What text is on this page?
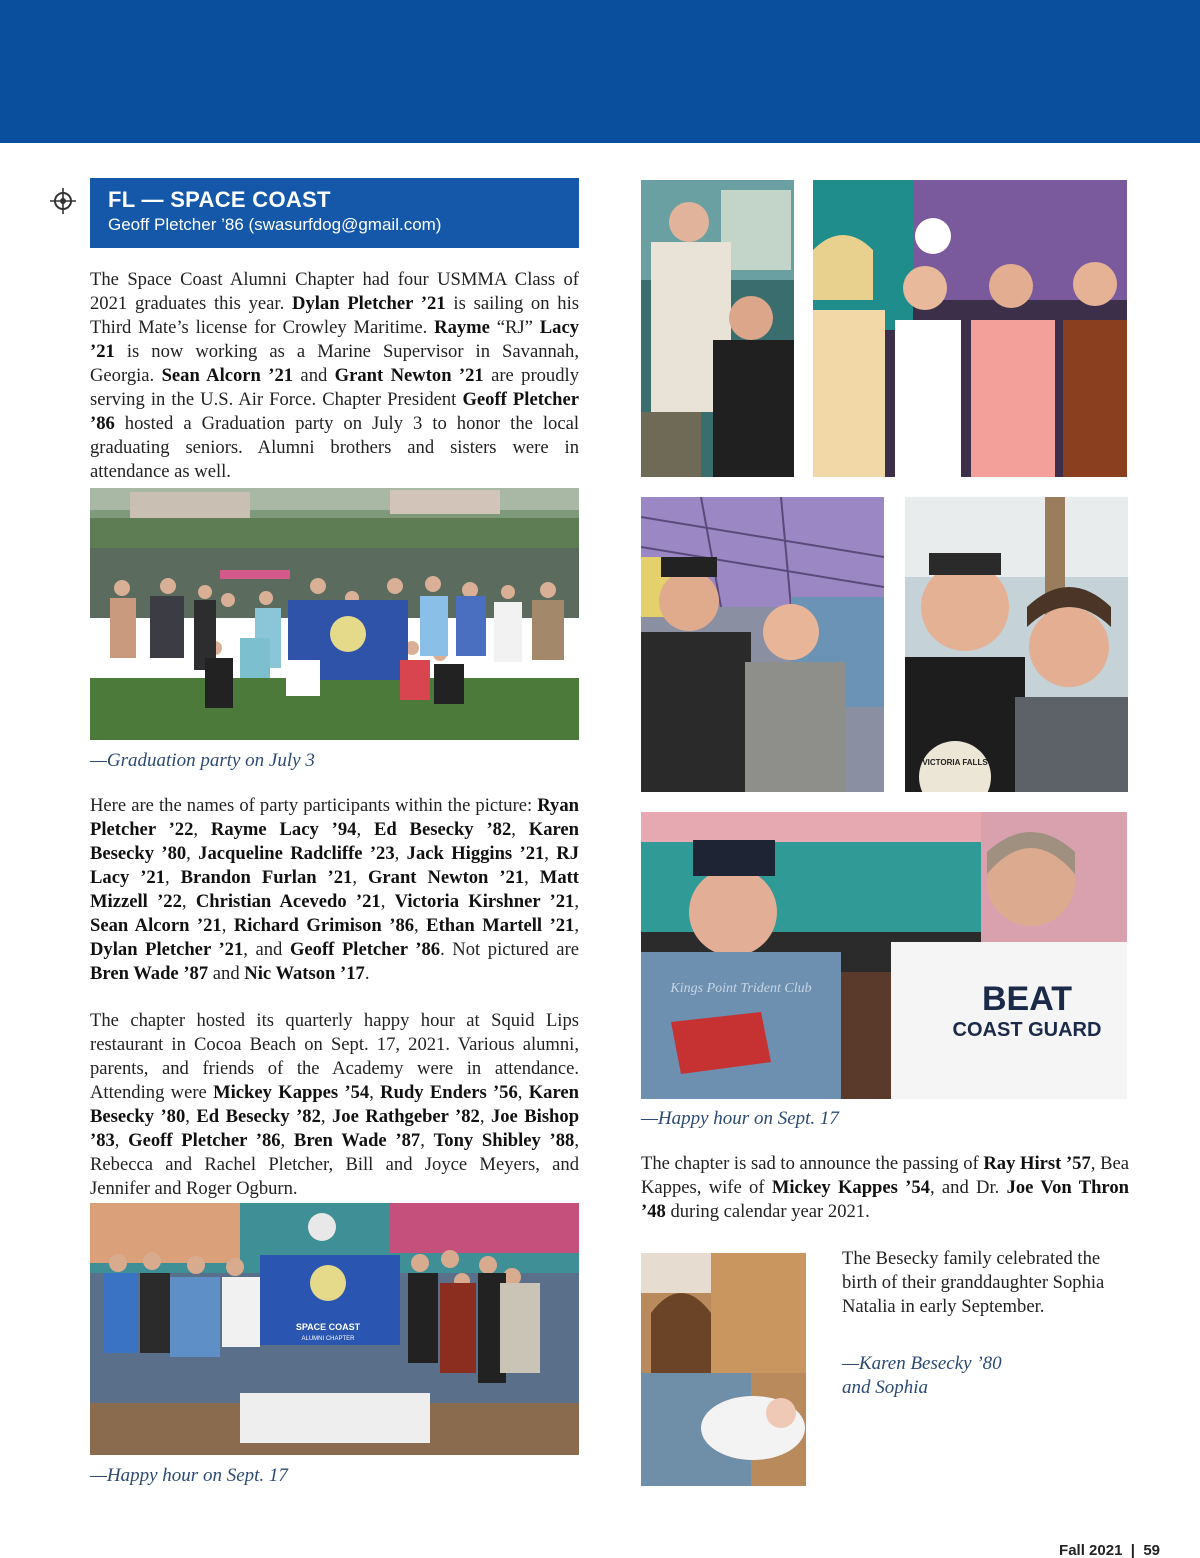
FL — SPACE COAST
Geoff Pletcher ’86 (swasurfdog@gmail.com)
The Space Coast Alumni Chapter had four USMMA Class of 2021 graduates this year. Dylan Pletcher ’21 is sailing on his Third Mate’s license for Crowley Maritime. Rayme “RJ” Lacy ’21 is now working as a Marine Supervisor in Savannah, Georgia. Sean Alcorn ’21 and Grant Newton ’21 are proudly serving in the U.S. Air Force. Chapter President Geoff Pletcher ’86 hosted a Graduation party on July 3 to honor the local graduating seniors. Alumni brothers and sisters were in attendance as well.
—Graduation party on July 3
Here are the names of party participants within the picture: Ryan Pletcher ’22, Rayme Lacy ’94, Ed Besecky ’82, Karen Besecky ’80, Jacqueline Radcliffe ’23, Jack Higgins ’21, RJ Lacy ’21, Brandon Furlan ’21, Grant Newton ’21, Matt Mizzell ’22, Christian Acevedo ’21, Victoria Kirshner ’21, Sean Alcorn ’21, Richard Grimison ’86, Ethan Martell ’21, Dylan Pletcher ’21, and Geoff Pletcher ’86. Not pictured are Bren Wade ’87 and Nic Watson ’17.
The chapter hosted its quarterly happy hour at Squid Lips restaurant in Cocoa Beach on Sept. 17, 2021. Various alumni, parents, and friends of the Academy were in attendance. Attending were Mickey Kappes ’54, Rudy Enders ’56, Karen Besecky ’80, Ed Besecky ’82, Joe Rathgeber ’82, Joe Bishop ’83, Geoff Pletcher ’86, Bren Wade ’87, Tony Shibley ’88, Rebecca and Rachel Pletcher, Bill and Joyce Meyers, and Jennifer and Roger Ogburn.
SPACE COAST
ALUMNI CHAPTER
—Happy hour on Sept. 17
VICTORIA FALLS
Kings Point Trident Club	BEAT
COAST GUARD
—Happy hour on Sept. 17
The chapter is sad to announce the passing of Ray Hirst ’57, Bea Kappes, wife of Mickey Kappes ’54, and Dr. Joe Von Thron ’48 during calendar year 2021.
The Besecky family celebrated the birth of their granddaughter Sophia Natalia in early September.
—Karen Besecky ’80
and Sophia
Fall 2021 | 59
